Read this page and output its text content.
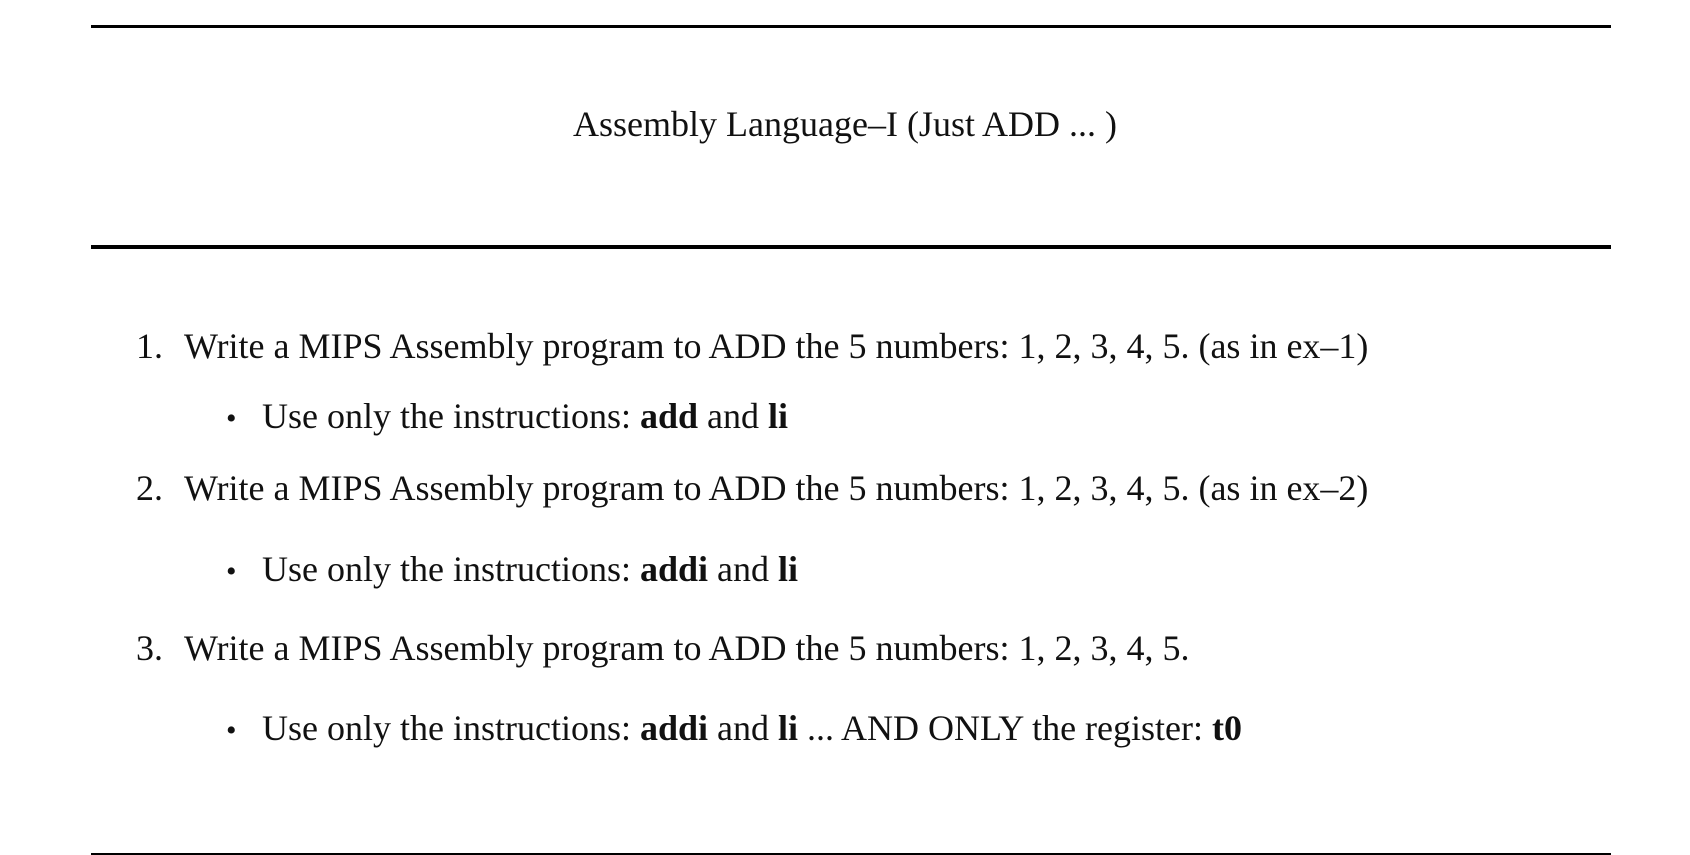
Assembly Language–I (Just ADD ... )
1. Write a MIPS Assembly program to ADD the 5 numbers: 1, 2, 3, 4, 5. (as in ex–1)
• Use only the instructions: add and li
2. Write a MIPS Assembly program to ADD the 5 numbers: 1, 2, 3, 4, 5. (as in ex–2)
• Use only the instructions: addi and li
3. Write a MIPS Assembly program to ADD the 5 numbers: 1, 2, 3, 4, 5.
• Use only the instructions: addi and li ... AND ONLY the register: t0
